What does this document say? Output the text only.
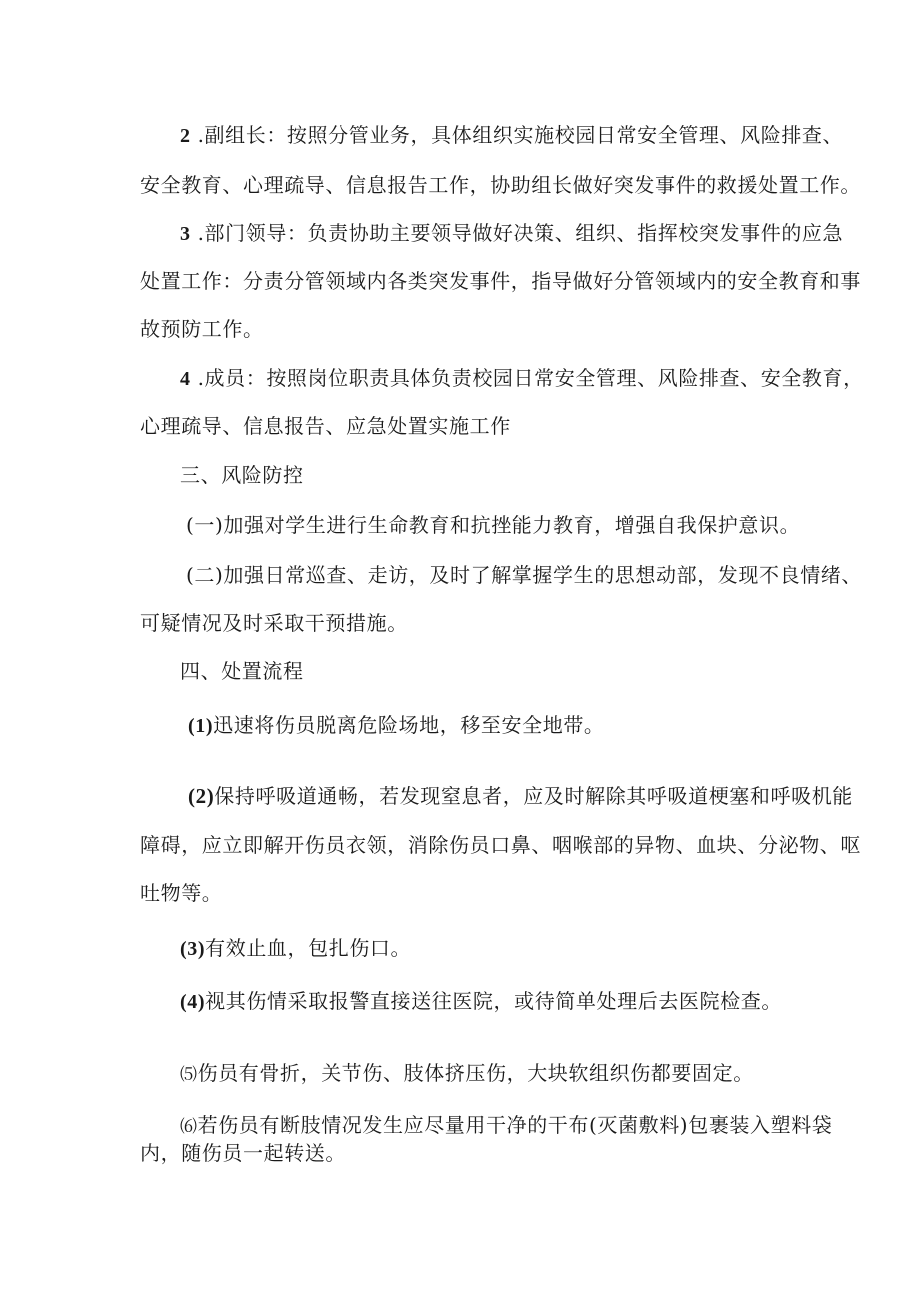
2 .副组长：按照分管业务，具体组织实施校园日常安全管理、风险排查、
安全教育、心理疏导、信息报告工作，协助组长做好突发事件的救援处置工作。
3 .部门领导：负责协助主要领导做好决策、组织、指挥校突发事件的应急
处置工作：分责分管领域内各类突发事件，指导做好分管领域内的安全教育和事
故预防工作。
4 .成员：按照岗位职责具体负责校园日常安全管理、风险排查、安全教育，
心理疏导、信息报告、应急处置实施工作
三、风险防控
(一)加强对学生进行生命教育和抗挫能力教育，增强自我保护意识。
(二)加强日常巡查、走访，及时了解掌握学生的思想动部，发现不良情绪、
可疑情况及时采取干预措施。
四、处置流程
(1)迅速将伤员脱离危险场地，移至安全地带。
(2)保持呼吸道通畅，若发现窒息者，应及时解除其呼吸道梗塞和呼吸机能
障碍，应立即解开伤员衣领，消除伤员口鼻、咽喉部的异物、血块、分泌物、呕
吐物等。
(3)有效止血，包扎伤口。
(4)视其伤情采取报警直接送往医院，或待简单处理后去医院检查。
⑸伤员有骨折，关节伤、肢体挤压伤，大块软组织伤都要固定。
⑹若伤员有断肢情况发生应尽量用干净的干布(灭菌敷料)包裹装入塑料袋
内，随伤员一起转送。
